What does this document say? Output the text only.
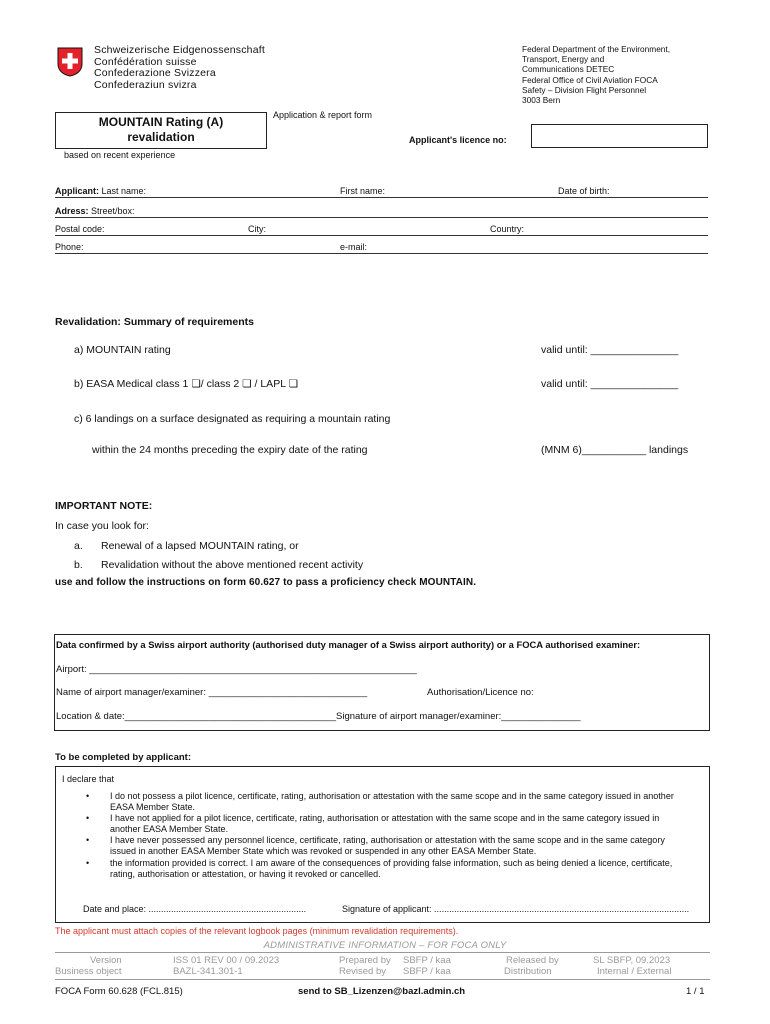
Schweizerische Eidgenossenschaft
Confédération suisse
Confederazione Svizzera
Confederaziun svizra
Federal Department of the Environment,
Transport, Energy and
Communications DETEC
Federal Office of Civil Aviation FOCA
Safety – Division Flight Personnel
3003 Bern
MOUNTAIN Rating (A)
revalidation
Application & report form
Applicant's licence no:
based on recent experience
Applicant: Last name:	First name:	Date of birth:
Adress: Street/box:
Postal code:	City:	Country:
Phone:	e-mail:
Revalidation: Summary of requirements
a) MOUNTAIN rating	valid until: _______________
b) EASA Medical class 1 ❏/ class 2 ❏ / LAPL ❏	valid until: _______________
c) 6 landings on a surface designated as requiring a mountain rating
within the 24 months preceding the expiry date of the rating	(MNM 6)___________ landings
IMPORTANT NOTE:
In case you look for:
a. Renewal of a lapsed MOUNTAIN rating, or
b. Revalidation without the above mentioned recent activity
use and follow the instructions on form 60.627 to pass a proficiency check MOUNTAIN.
Data confirmed by a Swiss airport authority (authorised duty manager of a Swiss airport authority) or a FOCA authorised examiner:
Airport: ______________________________________________________________
Name of airport manager/examiner: ______________________________	Authorisation/Licence no:
Location & date:________________________________________Signature of airport manager/examiner:_______________
To be completed by applicant:
I declare that
• I do not possess a pilot licence, certificate, rating, authorisation or attestation with the same scope and in the same category issued in another EASA Member State.
• I have not applied for a pilot licence, certificate, rating, authorisation or attestation with the same scope and in the same category issued in another EASA Member State.
• I have never possessed any personnel licence, certificate, rating, authorisation or attestation with the same scope and in the same category issued in another EASA Member State which was revoked or suspended in any other EASA Member State.
• the information provided is correct. I am aware of the consequences of providing false information, such as being denied a licence, certificate, rating, authorisation or attestation, or having it revoked or cancelled.
Date and place: ...............................................................	Signature of applicant: ......................................................................................................
The applicant must attach copies of the relevant logbook pages (minimum revalidation requirements).
ADMINISTRATIVE INFORMATION – FOR FOCA ONLY
Version	ISS 01 REV 00 / 09.2023	Prepared by SBFP / kaa	Released by	SL SBFP, 09.2023
Business object	BAZL-341.301-1	Revised by SBFP / kaa	Distribution	Internal / External
FOCA Form 60.628 (FCL.815)	send to SB_Lizenzen@bazl.admin.ch	1 / 1
